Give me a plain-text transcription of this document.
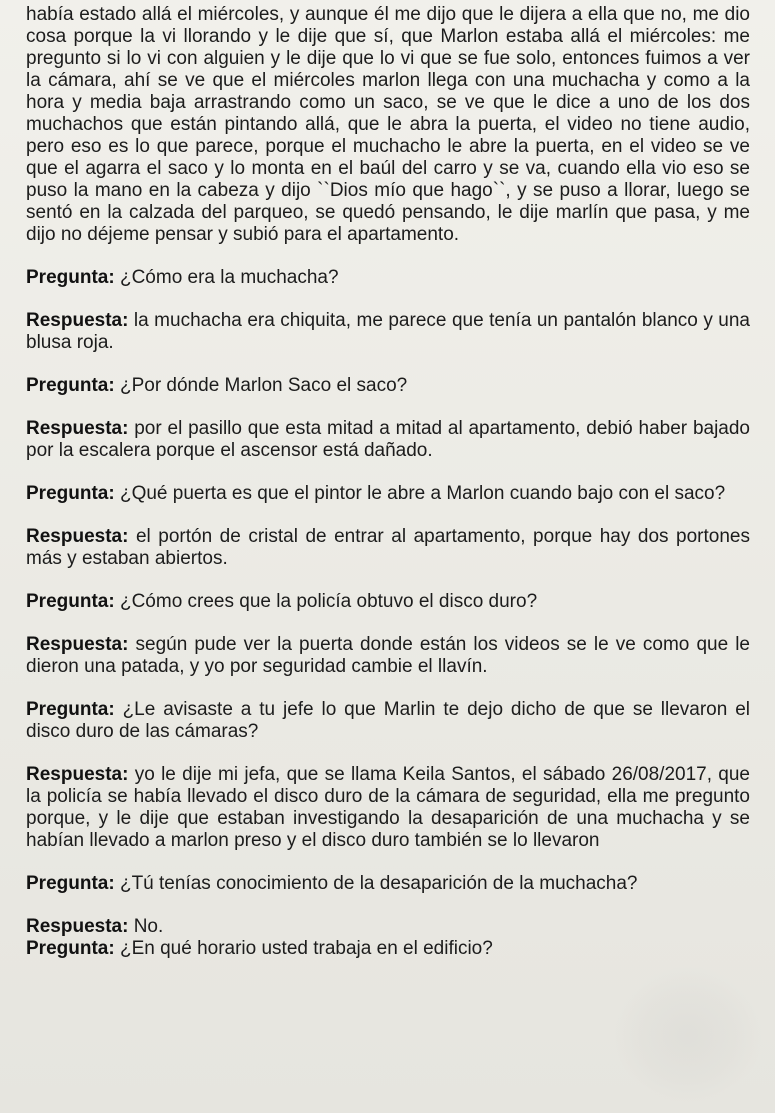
había estado allá el miércoles, y aunque él me dijo que le dijera a ella que no, me dio cosa porque la vi llorando y le dije que sí, que Marlon estaba allá el miércoles: me pregunto si lo vi con alguien y le dije que lo vi que se fue solo, entonces fuimos a ver la cámara, ahí se ve que el miércoles marlon llega con una muchacha y como a la hora y media baja arrastrando como un saco, se ve que le dice a uno de los dos muchachos que están pintando allá, que le abra la puerta, el video no tiene audio, pero eso es lo que parece, porque el muchacho le abre la puerta, en el video se ve que el agarra el saco y lo monta en el baúl del carro y se va, cuando ella vio eso se puso la mano en la cabeza y dijo ``Dios mío que hago``, y se puso a llorar, luego se sentó en la calzada del parqueo, se quedó pensando, le dije marlín que pasa, y me dijo no déjeme pensar y subió para el apartamento.

Pregunta: ¿Cómo era la muchacha?

Respuesta: la muchacha era chiquita, me parece que tenía un pantalón blanco y una blusa roja.

Pregunta: ¿Por dónde Marlon Saco el saco?

Respuesta: por el pasillo que esta mitad a mitad al apartamento, debió haber bajado por la escalera porque el ascensor está dañado.

Pregunta: ¿Qué puerta es que el pintor le abre a Marlon cuando bajo con el saco?

Respuesta: el portón de cristal de entrar al apartamento, porque hay dos portones más y estaban abiertos.

Pregunta: ¿Cómo crees que la policía obtuvo el disco duro?

Respuesta: según pude ver la puerta donde están los videos se le ve como que le dieron una patada, y yo por seguridad cambie el llavín.

Pregunta: ¿Le avisaste a tu jefe lo que Marlin te dejo dicho de que se llevaron el disco duro de las cámaras?

Respuesta: yo le dije mi jefa, que se llama Keila Santos, el sábado 26/08/2017, que la policía se había llevado el disco duro de la cámara de seguridad, ella me pregunto porque, y le dije que estaban investigando la desaparición de una muchacha y se habían llevado a marlon preso y el disco duro también se lo llevaron

Pregunta: ¿Tú tenías conocimiento de la desaparición de la muchacha?

Respuesta: No.

Pregunta: ¿En qué horario usted trabaja en el edificio?
